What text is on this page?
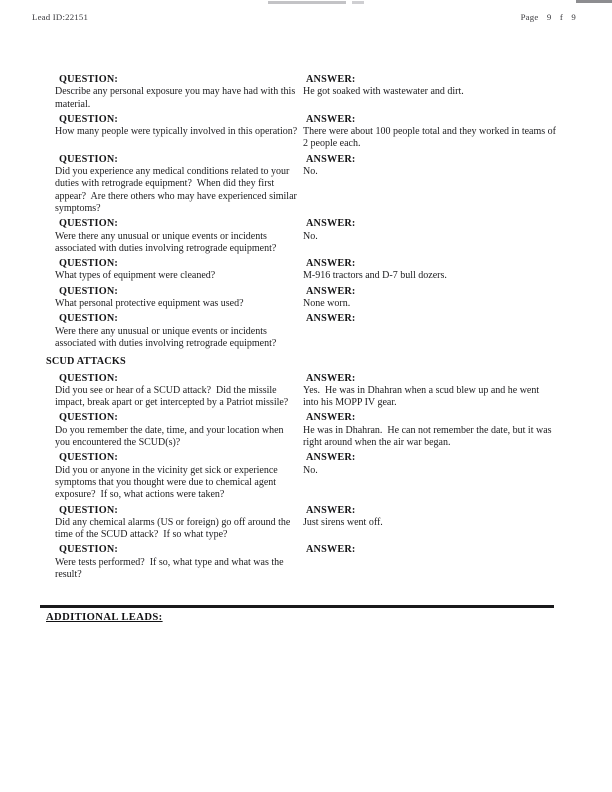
Lead ID:22151	Page 9 f 9
QUESTION:
Describe any personal exposure you may have had with this material.
ANSWER:
He got soaked with wastewater and dirt.
QUESTION:
How many people were typically involved in this operation?
ANSWER:
There were about 100 people total and they worked in teams of 2 people each.
QUESTION:
Did you experience any medical conditions related to your duties with retrograde equipment?  When did they first appear?  Are there others who may have experienced similar symptoms?
ANSWER:
No.
QUESTION:
Were there any unusual or unique events or incidents associated with duties involving retrograde equipment?
ANSWER:
No.
QUESTION:
What types of equipment were cleaned?
ANSWER:
M-916 tractors and D-7 bull dozers.
QUESTION:
What personal protective equipment was used?
ANSWER:
None worn.
QUESTION:
Were there any unusual or unique events or incidents associated with duties involving retrograde equipment?
ANSWER:
SCUD ATTACKS
QUESTION:
Did you see or hear of a SCUD attack?  Did the missile impact, break apart or get intercepted by a Patriot missile?
ANSWER:
Yes.  He was in Dhahran when a scud blew up and he went into his MOPP IV gear.
QUESTION:
Do you remember the date, time, and your location when you encountered the SCUD(s)?
ANSWER:
He was in Dhahran.  He can not remember the date, but it was right around when the air war began.
QUESTION:
Did you or anyone in the vicinity get sick or experience symptoms that you thought were due to chemical agent exposure?  If so, what actions were taken?
ANSWER:
No.
QUESTION:
Did any chemical alarms (US or foreign) go off around the time of the SCUD attack?  If so what type?
ANSWER:
Just sirens went off.
QUESTION:
Were tests performed?  If so, what type and what was the result?
ANSWER:
ADDITIONAL LEADS:
